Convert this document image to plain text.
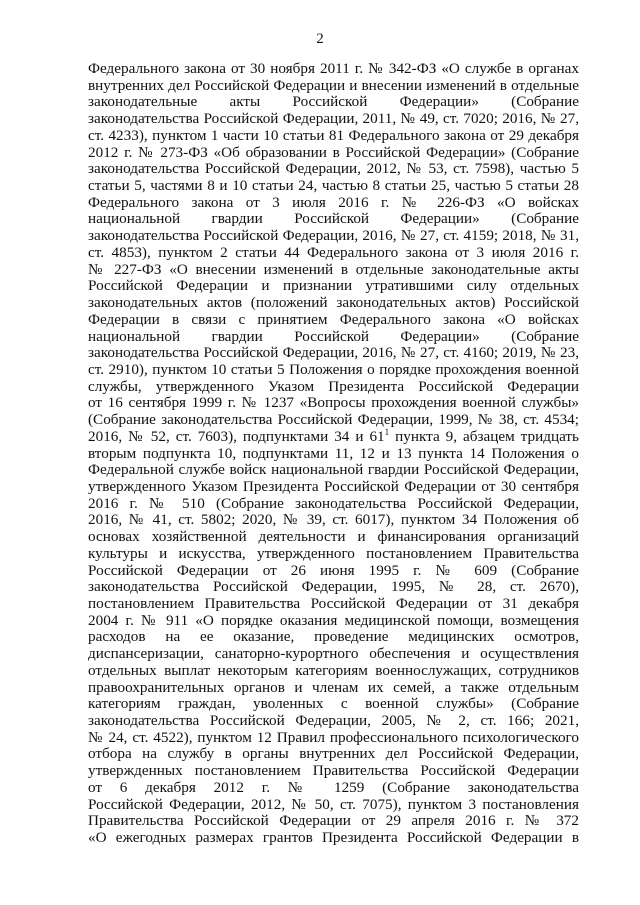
2
Федерального закона от 30 ноября 2011 г. № 342-ФЗ «О службе в органах
внутренних дел Российской Федерации и внесении изменений в отдельные
законодательные акты Российской Федерации» (Собрание
законодательства Российской Федерации, 2011, № 49, ст. 7020; 2016, № 27,
ст. 4233), пунктом 1 части 10 статьи 81 Федерального закона от 29 декабря
2012 г. № 273-ФЗ «Об образовании в Российской Федерации» (Собрание
законодательства Российской Федерации, 2012, № 53, ст. 7598), частью 5
статьи 5, частями 8 и 10 статьи 24, частью 8 статьи 25, частью 5 статьи 28
Федерального закона от 3 июля 2016 г. № 226-ФЗ «О войсках
национальной гвардии Российской Федерации» (Собрание
законодательства Российской Федерации, 2016, № 27, ст. 4159; 2018, № 31,
ст. 4853), пунктом 2 статьи 44 Федерального закона от 3 июля 2016 г.
№ 227-ФЗ «О внесении изменений в отдельные законодательные акты
Российской Федерации и признании утратившими силу отдельных
законодательных актов (положений законодательных актов) Российской
Федерации в связи с принятием Федерального закона «О войсках
национальной гвардии Российской Федерации» (Собрание
законодательства Российской Федерации, 2016, № 27, ст. 4160; 2019, № 23,
ст. 2910), пунктом 10 статьи 5 Положения о порядке прохождения военной
службы, утвержденного Указом Президента Российской Федерации
от 16 сентября 1999 г. № 1237 «Вопросы прохождения военной службы»
(Собрание законодательства Российской Федерации, 1999, № 38, ст. 4534;
2016, № 52, ст. 7603), подпунктами 34 и $61^1$ пункта 9, абзацем тридцать
вторым подпункта 10, подпунктами 11, 12 и 13 пункта 14 Положения о
Федеральной службе войск национальной гвардии Российской Федерации,
утвержденного Указом Президента Российской Федерации от 30 сентября
2016 г. № 510 (Собрание законодательства Российской Федерации,
2016, № 41, ст. 5802; 2020, № 39, ст. 6017), пунктом 34 Положения об
основах хозяйственной деятельности и финансирования организаций
культуры и искусства, утвержденного постановлением Правительства
Российской Федерации от 26 июня 1995 г. № 609 (Собрание
законодательства Российской Федерации, 1995, № 28, ст. 2670),
постановлением Правительства Российской Федерации от 31 декабря
2004 г. № 911 «О порядке оказания медицинской помощи, возмещения
расходов на ее оказание, проведение медицинских осмотров,
диспансеризации, санаторно-курортного обеспечения и осуществления
отдельных выплат некоторым категориям военнослужащих, сотрудников
правоохранительных органов и членам их семей, а также отдельным
категориям граждан, уволенных с военной службы» (Собрание
законодательства Российской Федерации, 2005, № 2, ст. 166; 2021,
№ 24, ст. 4522), пунктом 12 Правил профессионального психологического
отбора на службу в органы внутренних дел Российской Федерации,
утвержденных постановлением Правительства Российской Федерации
от 6 декабря 2012 г. № 1259 (Собрание законодательства
Российской Федерации, 2012, № 50, ст. 7075), пунктом 3 постановления
Правительства Российской Федерации от 29 апреля 2016 г. № 372
«О ежегодных размерах грантов Президента Российской Федерации в
